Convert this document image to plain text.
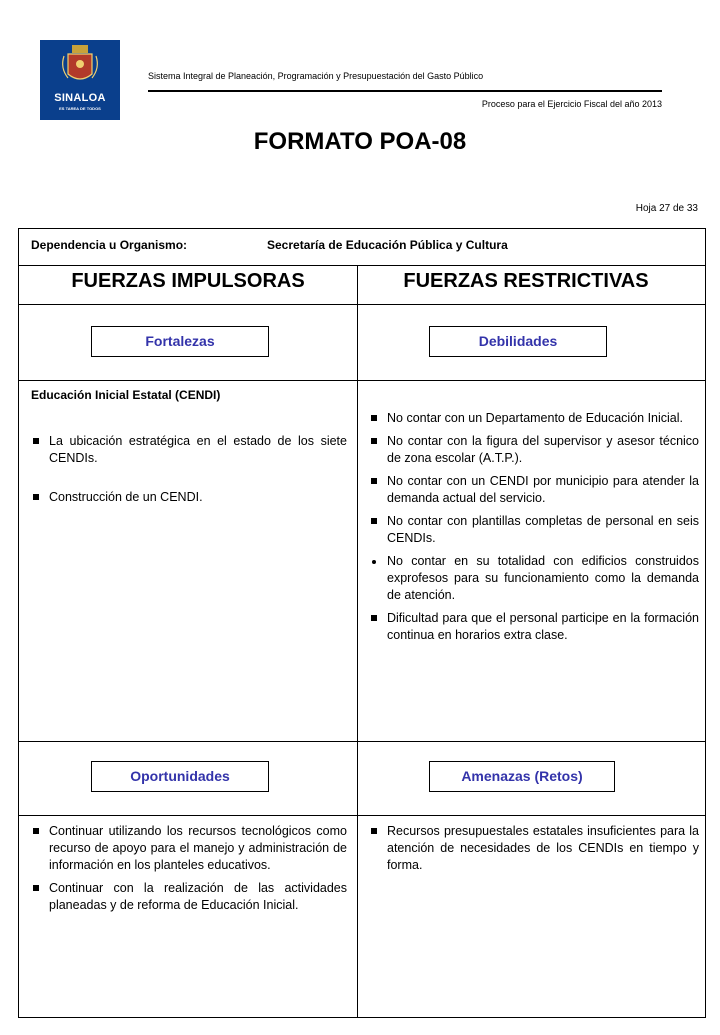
SINALOA
ES TAREA DE TODOS
Sistema Integral de Planeación, Programación y Presupuestación del Gasto Público
Proceso para el Ejercicio Fiscal del año 2013
FORMATO POA-08
Hoja 27 de 33
Dependencia u Organismo:	Secretaría de Educación Pública y Cultura
FUERZAS IMPULSORAS	FUERZAS RESTRICTIVAS
Fortalezas	Debilidades
Educación Inicial Estatal (CENDI)
La ubicación estratégica en el estado de los siete CENDIs.
Construcción de un CENDI.
No contar con un Departamento de Educación Inicial.
No contar con la figura del supervisor y asesor técnico de zona escolar (A.T.P.).
No contar con un CENDI por municipio para atender la demanda actual del servicio.
No contar con plantillas completas de personal en seis CENDIs.
No contar en su totalidad con edificios construidos exprofesos para su funcionamiento como la demanda de atención.
Dificultad para que el personal participe en la formación continua en horarios extra clase.
Oportunidades	Amenazas (Retos)
Continuar utilizando los recursos tecnológicos como recurso de apoyo para el manejo y administración de información en los planteles educativos.
Continuar con la realización de las actividades planeadas y de reforma de Educación Inicial.
Recursos presupuestales estatales insuficientes para la atención de necesidades de los CENDIs en tiempo y forma.
